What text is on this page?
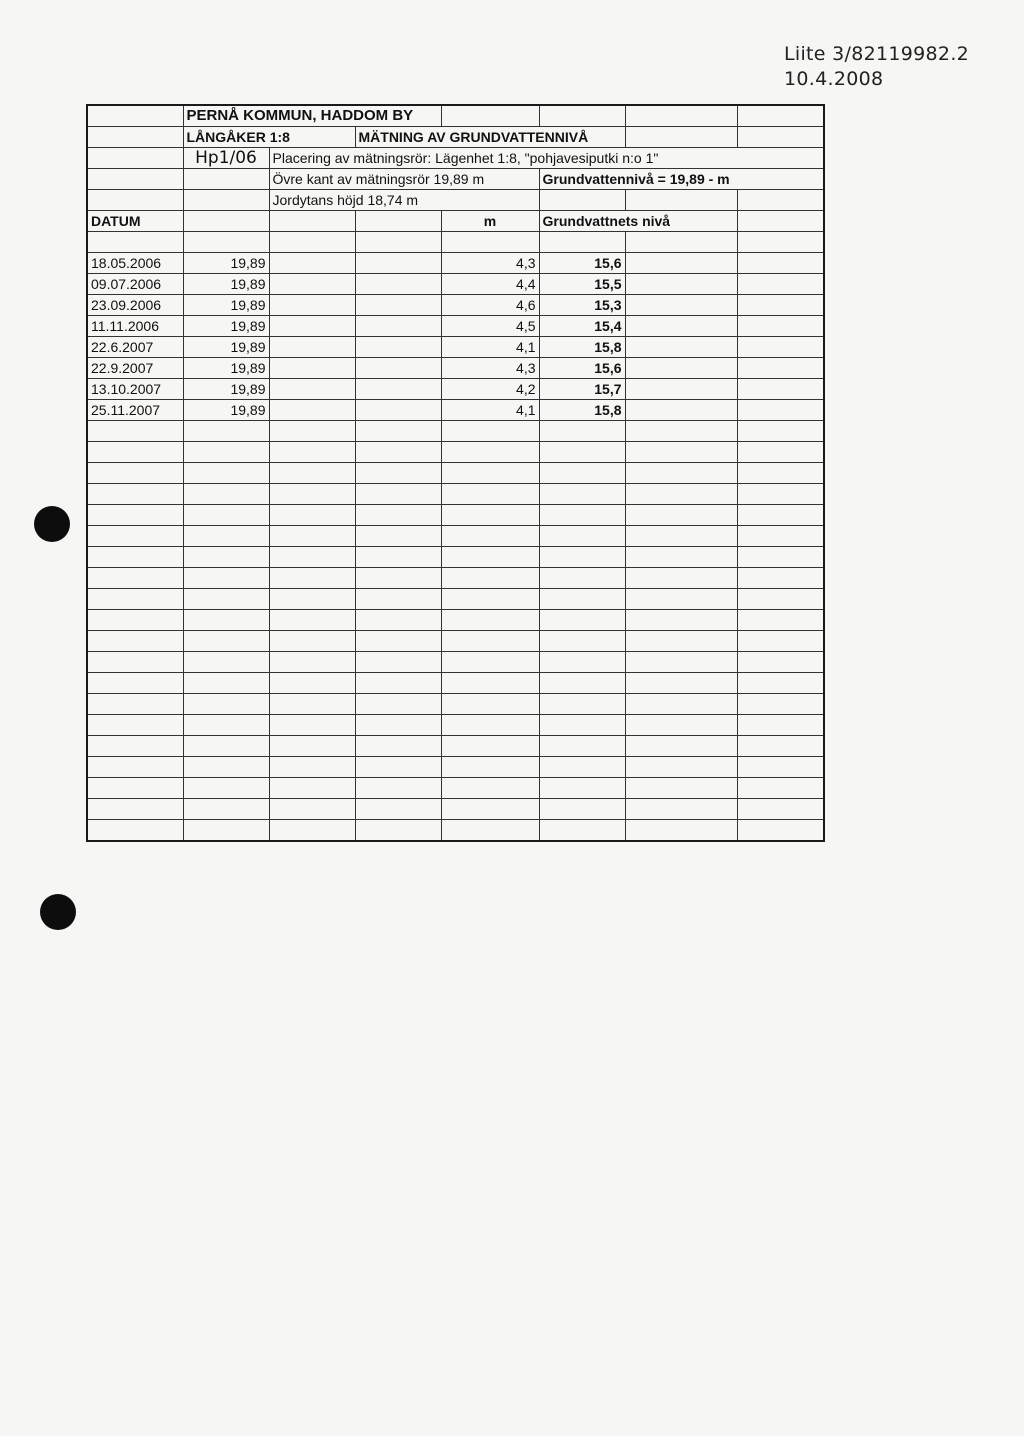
Liite 3/82119982.2
10.4.2008
	PERNÅ KOMMUN, HADDOM BY						
	LÅNGÅKER 1:8		MÄTNING AV GRUNDVATTENNIVÅ				
	Hp1/06	Placering av mätningsrör: Lägenhet 1:8, "pohjavesiputki n:o 1"					
		Övre kant av mätningsrör 19,89 m			Grundvattennivå = 19,89 - m		
		Jordytans höjd 18,74 m					
DATUM				m	Grundvattnets nivå		

18.05.2006	19,89			4,3	15,6		
09.07.2006	19,89			4,4	15,5		
23.09.2006	19,89			4,6	15,3		
11.11.2006	19,89			4,5	15,4		
22.6.2007	19,89			4,1	15,8		
22.9.2007	19,89			4,3	15,6		
13.10.2007	19,89			4,2	15,7		
25.11.2007	19,89			4,1	15,8		
